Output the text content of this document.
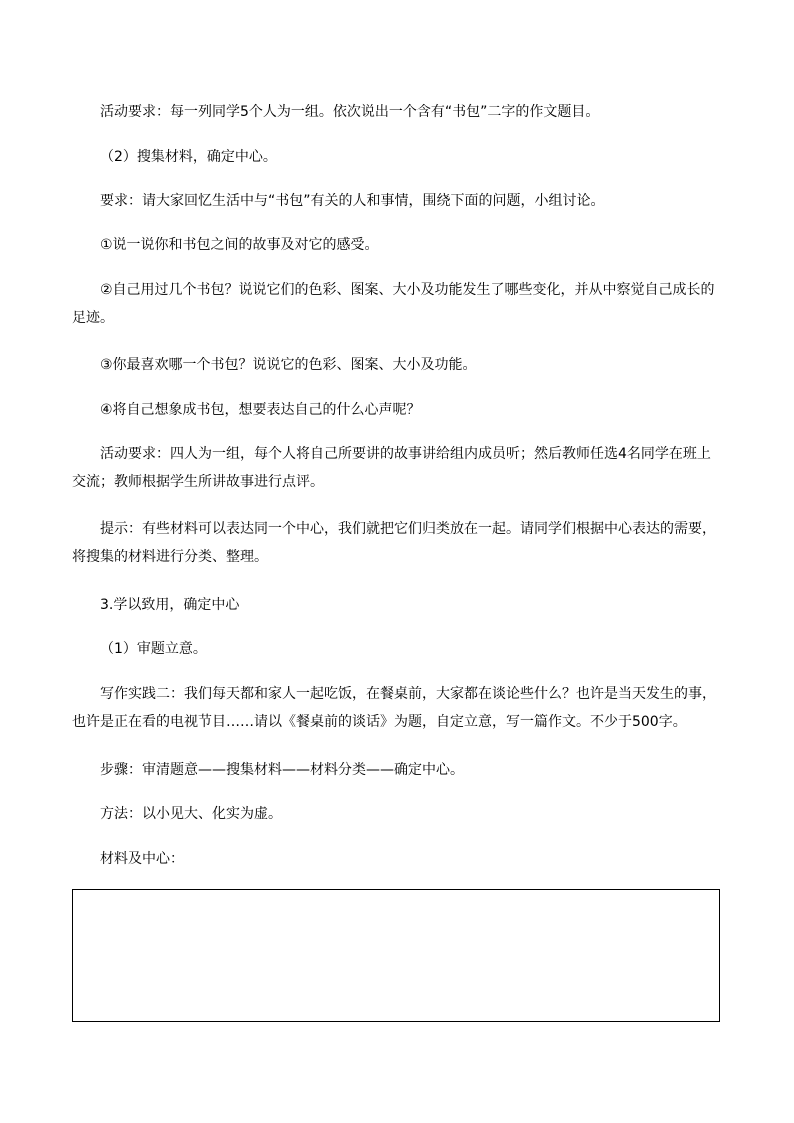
活动要求：每一列同学5个人为一组。依次说出一个含有“书包”二字的作文题目。
（2）搜集材料，确定中心。
要求：请大家回忆生活中与“书包”有关的人和事情，围绕下面的问题，小组讨论。
①说一说你和书包之间的故事及对它的感受。
②自己用过几个书包？说说它们的色彩、图案、大小及功能发生了哪些变化，并从中察觉自己成长的足迹。
③你最喜欢哪一个书包？说说它的色彩、图案、大小及功能。
④将自己想象成书包，想要表达自己的什么心声呢？
活动要求：四人为一组，每个人将自己所要讲的故事讲给组内成员听；然后教师任选4名同学在班上交流；教师根据学生所讲故事进行点评。
提示：有些材料可以表达同一个中心，我们就把它们归类放在一起。请同学们根据中心表达的需要，将搜集的材料进行分类、整理。
3.学以致用，确定中心
（1）审题立意。
写作实践二：我们每天都和家人一起吃饭，在餐桌前，大家都在谈论些什么？也许是当天发生的事，也许是正在看的电视节目……请以《餐桌前的谈话》为题，自定立意，写一篇作文。不少于500字。
步骤：审清题意——搜集材料——材料分类——确定中心。
方法：以小见大、化实为虚。
材料及中心：
